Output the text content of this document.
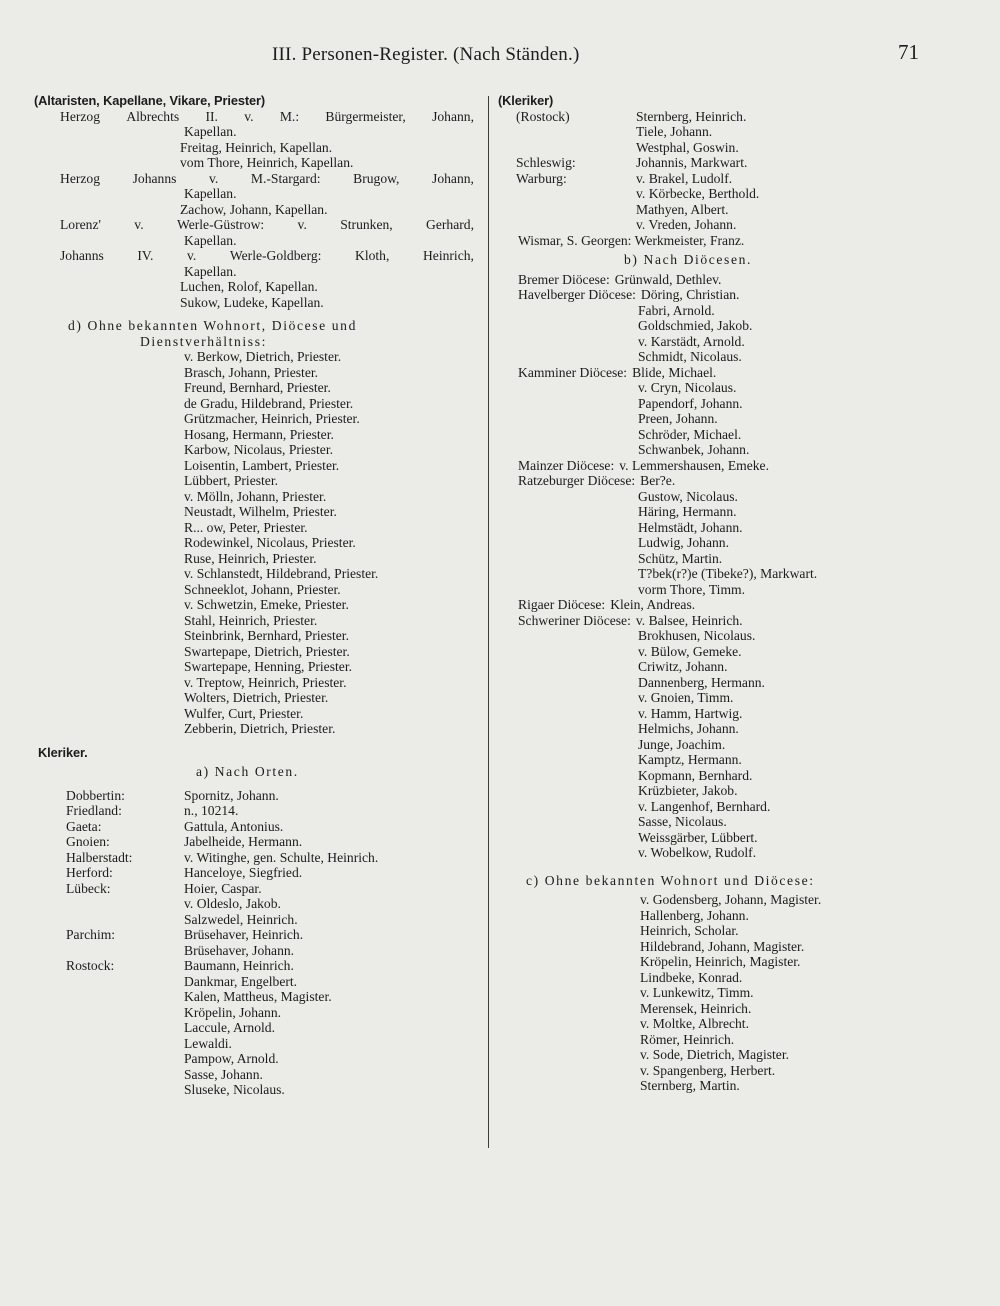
III. Personen-Register. (Nach Ständen.)	71
(Altaristen, Kapellane, Vikare, Priester)
Herzog Albrechts II. v. M.: Bürgermeister, Johann,
Kapellan.
Freitag, Heinrich, Kapellan.
vom Thore, Heinrich, Kapellan.
Herzog Johanns v. M.-Stargard: Brugow, Johann,
Kapellan.
Zachow, Johann, Kapellan.
Lorenz' v. Werle-Güstrow: v. Strunken, Gerhard,
Kapellan.
Johanns IV. v. Werle-Goldberg: Kloth, Heinrich,
Kapellan.
Luchen, Rolof, Kapellan.
Sukow, Ludeke, Kapellan.
d) Ohne bekannten Wohnort, Diöcese und
Dienstverhältniss:
v. Berkow, Dietrich, Priester.
Brasch, Johann, Priester.
Freund, Bernhard, Priester.
de Gradu, Hildebrand, Priester.
Grützmacher, Heinrich, Priester.
Hosang, Hermann, Priester.
Karbow, Nicolaus, Priester.
Loisentin, Lambert, Priester.
Lübbert, Priester.
v. Mölln, Johann, Priester.
Neustadt, Wilhelm, Priester.
R... ow, Peter, Priester.
Rodewinkel, Nicolaus, Priester.
Ruse, Heinrich, Priester.
v. Schlanstedt, Hildebrand, Priester.
Schneeklot, Johann, Priester.
v. Schwetzin, Emeke, Priester.
Stahl, Heinrich, Priester.
Steinbrink, Bernhard, Priester.
Swartepape, Dietrich, Priester.
Swartepape, Henning, Priester.
v. Treptow, Heinrich, Priester.
Wolters, Dietrich, Priester.
Wulfer, Curt, Priester.
Zebberin, Dietrich, Priester.
Kleriker.
a) Nach Orten.
Dobbertin:	Spornitz, Johann.
Friedland:	n., 10214.
Gaeta:	Gattula, Antonius.
Gnoien:	Jabelheide, Hermann.
Halberstadt:	v. Witinghe, gen. Schulte, Heinrich.
Herford:	Hanceloye, Siegfried.
Lübeck:	Hoier, Caspar.
v. Oldeslo, Jakob.
Salzwedel, Heinrich.
Parchim:	Brüsehaver, Heinrich.
Brüsehaver, Johann.
Rostock:	Baumann, Heinrich.
Dankmar, Engelbert.
Kalen, Mattheus, Magister.
Kröpelin, Johann.
Laccule, Arnold.
Lewaldi.
Pampow, Arnold.
Sasse, Johann.
Sluseke, Nicolaus.
(Kleriker)
(Rostock)	Sternberg, Heinrich.
Tiele, Johann.
Westphal, Goswin.
Schleswig:	Johannis, Markwart.
Warburg:	v. Brakel, Ludolf.
v. Körbecke, Berthold.
Mathyen, Albert.
v. Vreden, Johann.
Wismar, S. Georgen: Werkmeister, Franz.
b) Nach Diöcesen.
Bremer Diöcese: Grünwald, Dethlev.
Havelberger Diöcese: Döring, Christian.
Fabri, Arnold.
Goldschmied, Jakob.
v. Karstädt, Arnold.
Schmidt, Nicolaus.
Kamminer Diöcese: Blide, Michael.
v. Cryn, Nicolaus.
Papendorf, Johann.
Preen, Johann.
Schröder, Michael.
Schwanbek, Johann.
Mainzer Diöcese: v. Lemmershausen, Emeke.
Ratzeburger Diöcese: Ber?e.
Gustow, Nicolaus.
Häring, Hermann.
Helmstädt, Johann.
Ludwig, Johann.
Schütz, Martin.
T?bek(r?)e (Tibeke?), Markwart.
vorm Thore, Timm.
Rigaer Diöcese: Klein, Andreas.
Schweriner Diöcese: v. Balsee, Heinrich.
Brokhusen, Nicolaus.
v. Bülow, Gemeke.
Criwitz, Johann.
Dannenberg, Hermann.
v. Gnoien, Timm.
v. Hamm, Hartwig.
Helmichs, Johann.
Junge, Joachim.
Kamptz, Hermann.
Kopmann, Bernhard.
Krüzbieter, Jakob.
v. Langenhof, Bernhard.
Sasse, Nicolaus.
Weissgärber, Lübbert.
v. Wobelkow, Rudolf.
c) Ohne bekannten Wohnort und Diöcese:
v. Godensberg, Johann, Magister.
Hallenberg, Johann.
Heinrich, Scholar.
Hildebrand, Johann, Magister.
Kröpelin, Heinrich, Magister.
Lindbeke, Konrad.
v. Lunkewitz, Timm.
Merensek, Heinrich.
v. Moltke, Albrecht.
Römer, Heinrich.
v. Sode, Dietrich, Magister.
v. Spangenberg, Herbert.
Sternberg, Martin.
